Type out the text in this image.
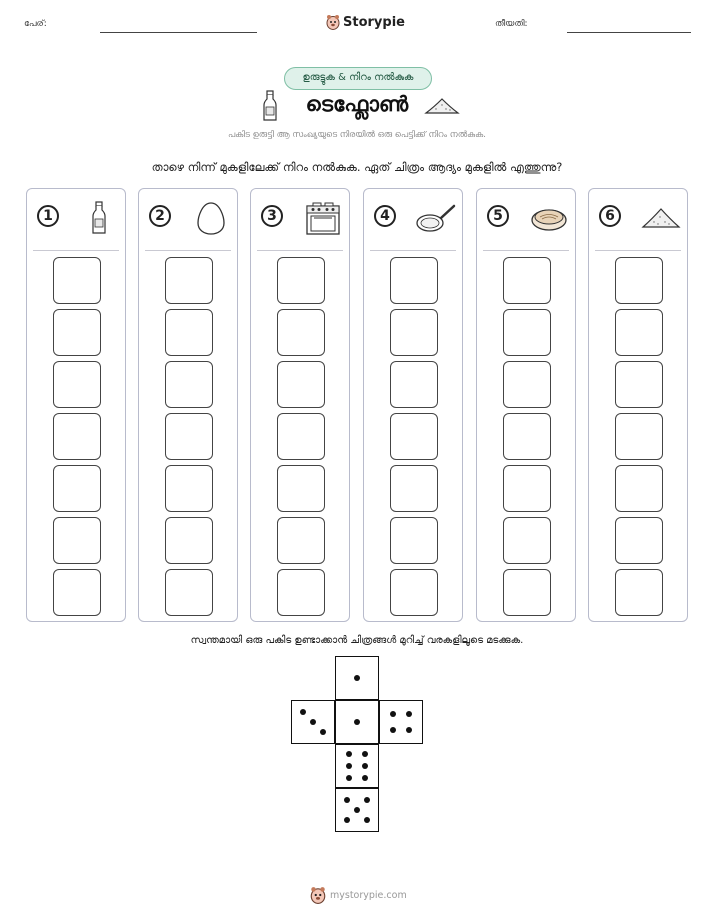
പേര്:	Storypie	തീയതി:
ഉരുട്ടുക & നിറം നൽകുക
ടെഫ്ലോൺ
പകിട ഉരുട്ടി ആ സംഖ്യയുടെ നിരയിൽ ഒരു പെട്ടിക്ക് നിറം നൽകുക.
താഴെ നിന്ന് മുകളിലേക്ക് നിറം നൽകുക. ഏത് ചിത്രം ആദ്യം മുകളിൽ എത്തുന്നു?
1	2	3	4	5	6
സ്വന്തമായി ഒരു പകിട ഉണ്ടാക്കാൻ ചിത്രങ്ങൾ മുറിച്ച് വരകളിലൂടെ മടക്കുക.
mystorypie.com
